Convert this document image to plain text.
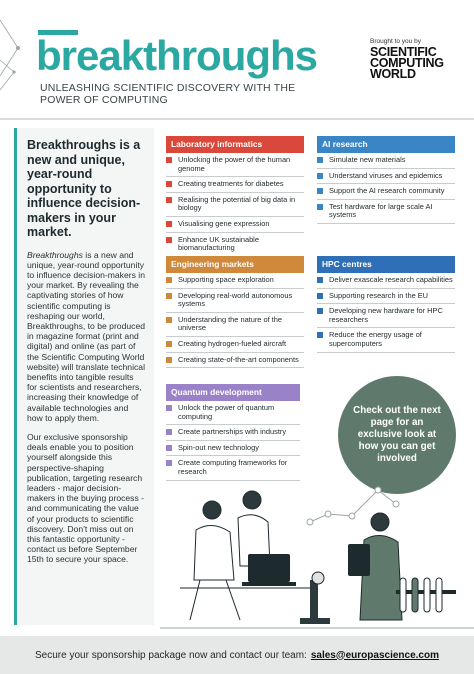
breakthroughs
UNLEASHING SCIENTIFIC DISCOVERY WITH THE POWER OF COMPUTING
Brought to you by
SCIENTIFIC COMPUTING WORLD

Breakthroughs is a new and unique, year-round opportunity to influence decision-makers in your market.

Breakthroughs is a new and unique, year-round opportunity to influence decision-makers in your market. By revealing the captivating stories of how scientific computing is reshaping our world, Breakthroughs, to be produced in magazine format (print and digital) and online (as part of the Scientific Computing World website) will translate technical benefits into tangible results for scientists and researchers, increasing their knowledge of available technologies and how to apply them.

Our exclusive sponsorship deals enable you to position yourself alongside this perspective-shaping publication, targeting research leaders - major decision-makers in the buying process - and communicating the value of your products to scientific discovery. Don't miss out on this fantastic opportunity - contact us before September 15th to secure your space.

Laboratory informatics
Unlocking the power of the human genome
Creating treatments for diabetes
Realising the potential of big data in biology
Visualising gene expression
Enhance UK sustainable biomanufacturing
AI research
Simulate new materials
Understand viruses and epidemics
Support the AI research community
Test hardware for large scale AI systems
Engineering markets
Supporting space exploration
Developing real-world autonomous systems
Understanding the nature of the universe
Creating hydrogen-fueled aircraft
Creating state-of-the-art components
HPC centres
Deliver exascale research capabilities
Supporting research in the EU
Developing new hardware for HPC researchers
Reduce the energy usage of supercomputers
Quantum development
Unlock the power of quantum computing
Create partnerships with industry
Spin-out new technology
Create computing frameworks for research
Check out the next page for an exclusive look at how you can get involved
Secure your sponsorship package now and contact our team: sales@europascience.com
